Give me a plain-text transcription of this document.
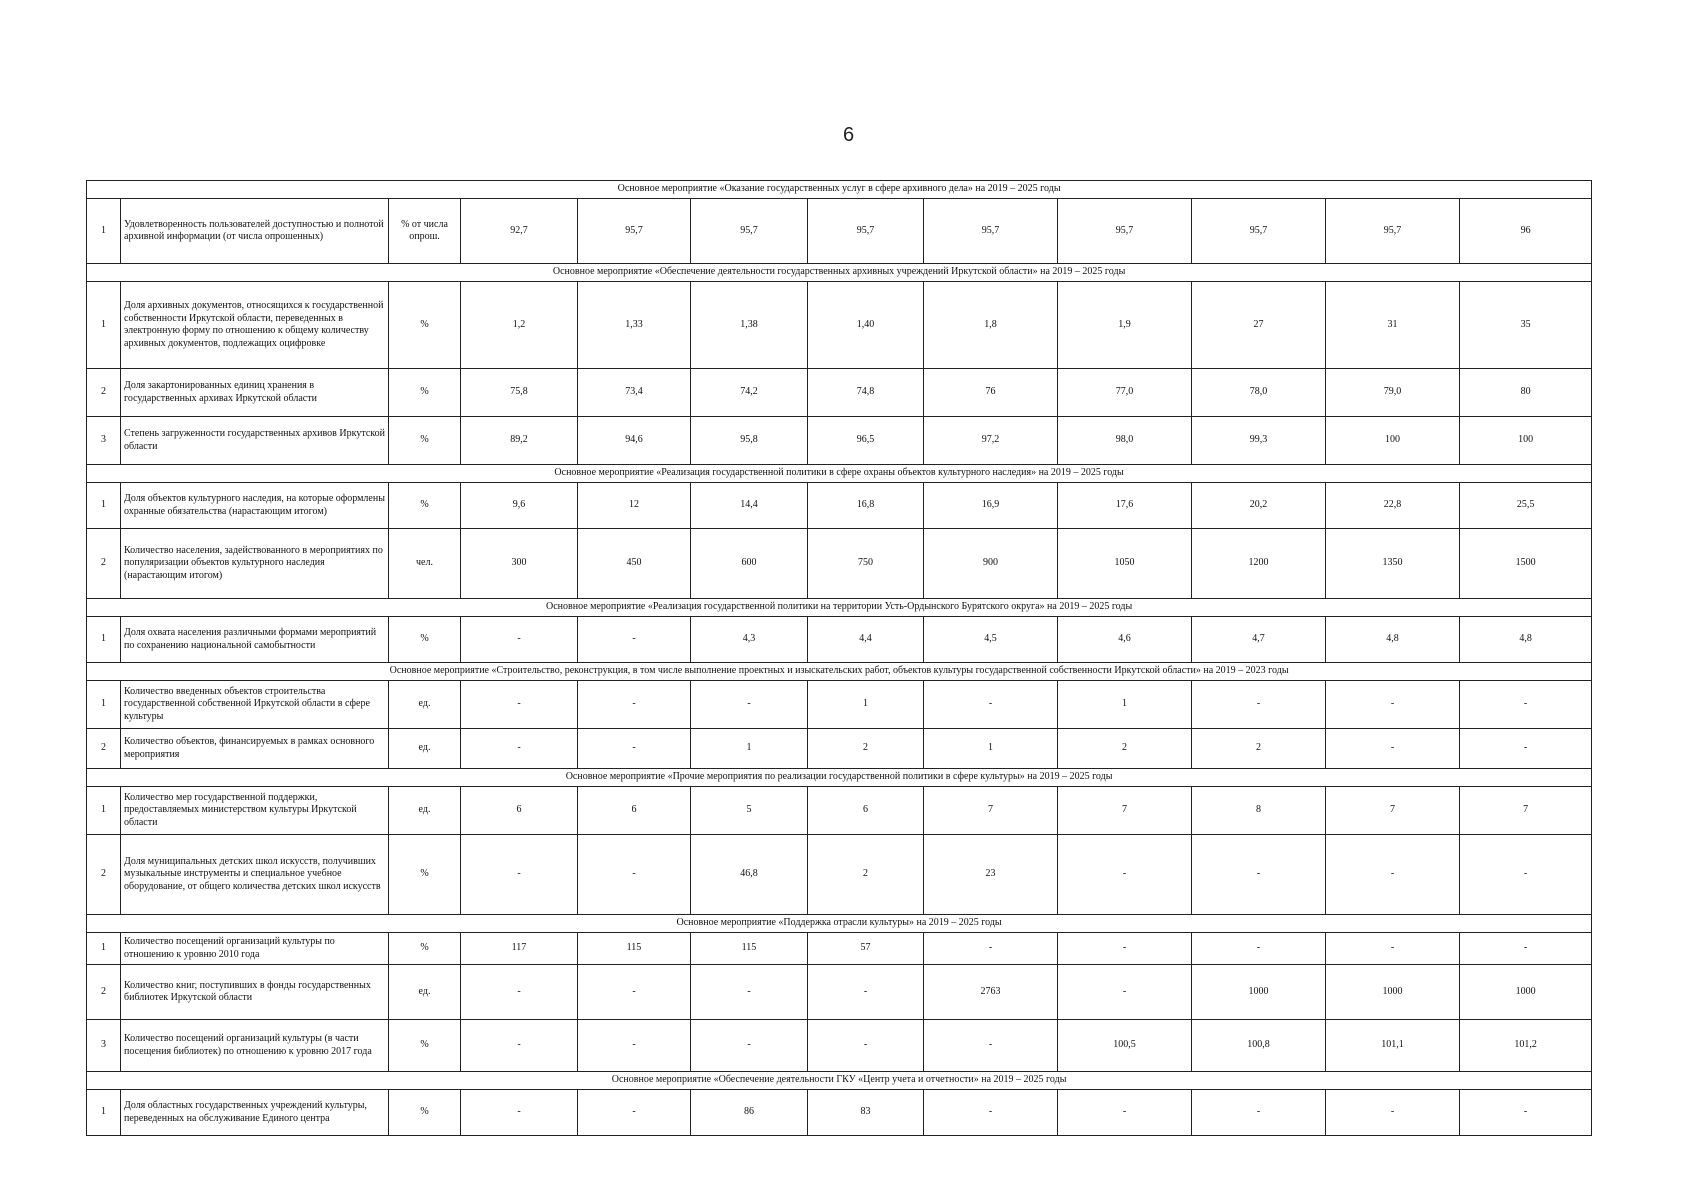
6
Основное мероприятие «Оказание государственных услуг в сфере архивного дела» на 2019 – 2025 годы											
1	Удовлетворенность пользователей доступностью и полнотой архивной информации (от числа опрошенных)	% от числа опрош.	92,7	95,7	95,7	95,7	95,7	95,7	95,7	95,7	96
Основное мероприятие «Обеспечение деятельности государственных архивных учреждений Иркутской области» на 2019 – 2025 годы											
1	Доля архивных документов, относящихся к государственной собственности Иркутской области, переведенных в электронную форму по отношению к общему количеству архивных документов, подлежащих оцифровке	%	1,2	1,33	1,38	1,40	1,8	1,9	27	31	35
2	Доля закартонированных единиц хранения в государственных архивах Иркутской области	%	75,8	73,4	74,2	74,8	76	77,0	78,0	79,0	80
3	Степень загруженности государственных архивов Иркутской области	%	89,2	94,6	95,8	96,5	97,2	98,0	99,3	100	100
Основное мероприятие «Реализация государственной политики в сфере охраны объектов культурного наследия» на 2019 – 2025 годы											
1	Доля объектов культурного наследия, на которые оформлены охранные обязательства (нарастающим итогом)	%	9,6	12	14,4	16,8	16,9	17,6	20,2	22,8	25,5
2	Количество населения, задействованного в мероприятиях по популяризации объектов культурного наследия (нарастающим итогом)	чел.	300	450	600	750	900	1050	1200	1350	1500
Основное мероприятие «Реализация государственной политики на территории Усть-Ордынского Бурятского округа» на 2019 – 2025 годы											
1	Доля охвата населения различными формами мероприятий по сохранению национальной самобытности	%	-	-	4,3	4,4	4,5	4,6	4,7	4,8	4,8
Основное мероприятие «Строительство, реконструкция, в том числе выполнение проектных и изыскательских работ, объектов культуры государственной собственности Иркутской области» на 2019 – 2023 годы											
1	Количество введенных объектов строительства государственной собственной Иркутской области в сфере культуры	ед.	-	-	-	1	-	1	-	-	-
2	Количество объектов, финансируемых в рамках основного мероприятия	ед.	-	-	1	2	1	2	2	-	-
Основное мероприятие «Прочие мероприятия по реализации государственной политики в сфере культуры» на 2019 – 2025 годы											
1	Количество мер государственной поддержки, предоставляемых министерством культуры Иркутской области	ед.	6	6	5	6	7	7	8	7	7
2	Доля муниципальных детских школ искусств, получивших музыкальные инструменты и специальное учебное оборудование, от общего количества детских школ искусств	%	-	-	46,8	2	23	-	-	-	-
Основное мероприятие «Поддержка отрасли культуры» на 2019 – 2025 годы											
1	Количество посещений организаций культуры по отношению к уровню 2010 года	%	117	115	115	57	-	-	-	-	-
2	Количество книг, поступивших в фонды государственных библиотек Иркутской области	ед.	-	-	-	-	2763	-	1000	1000	1000
3	Количество посещений организаций культуры (в части посещения библиотек) по отношению к уровню 2017 года	%	-	-	-	-	-	100,5	100,8	101,1	101,2
Основное мероприятие «Обеспечение деятельности ГКУ «Центр учета и отчетности» на 2019 – 2025 годы											
1	Доля областных государственных учреждений культуры, переведенных на обслуживание Единого центра	%	-	-	86	83	-	-	-	-	-
